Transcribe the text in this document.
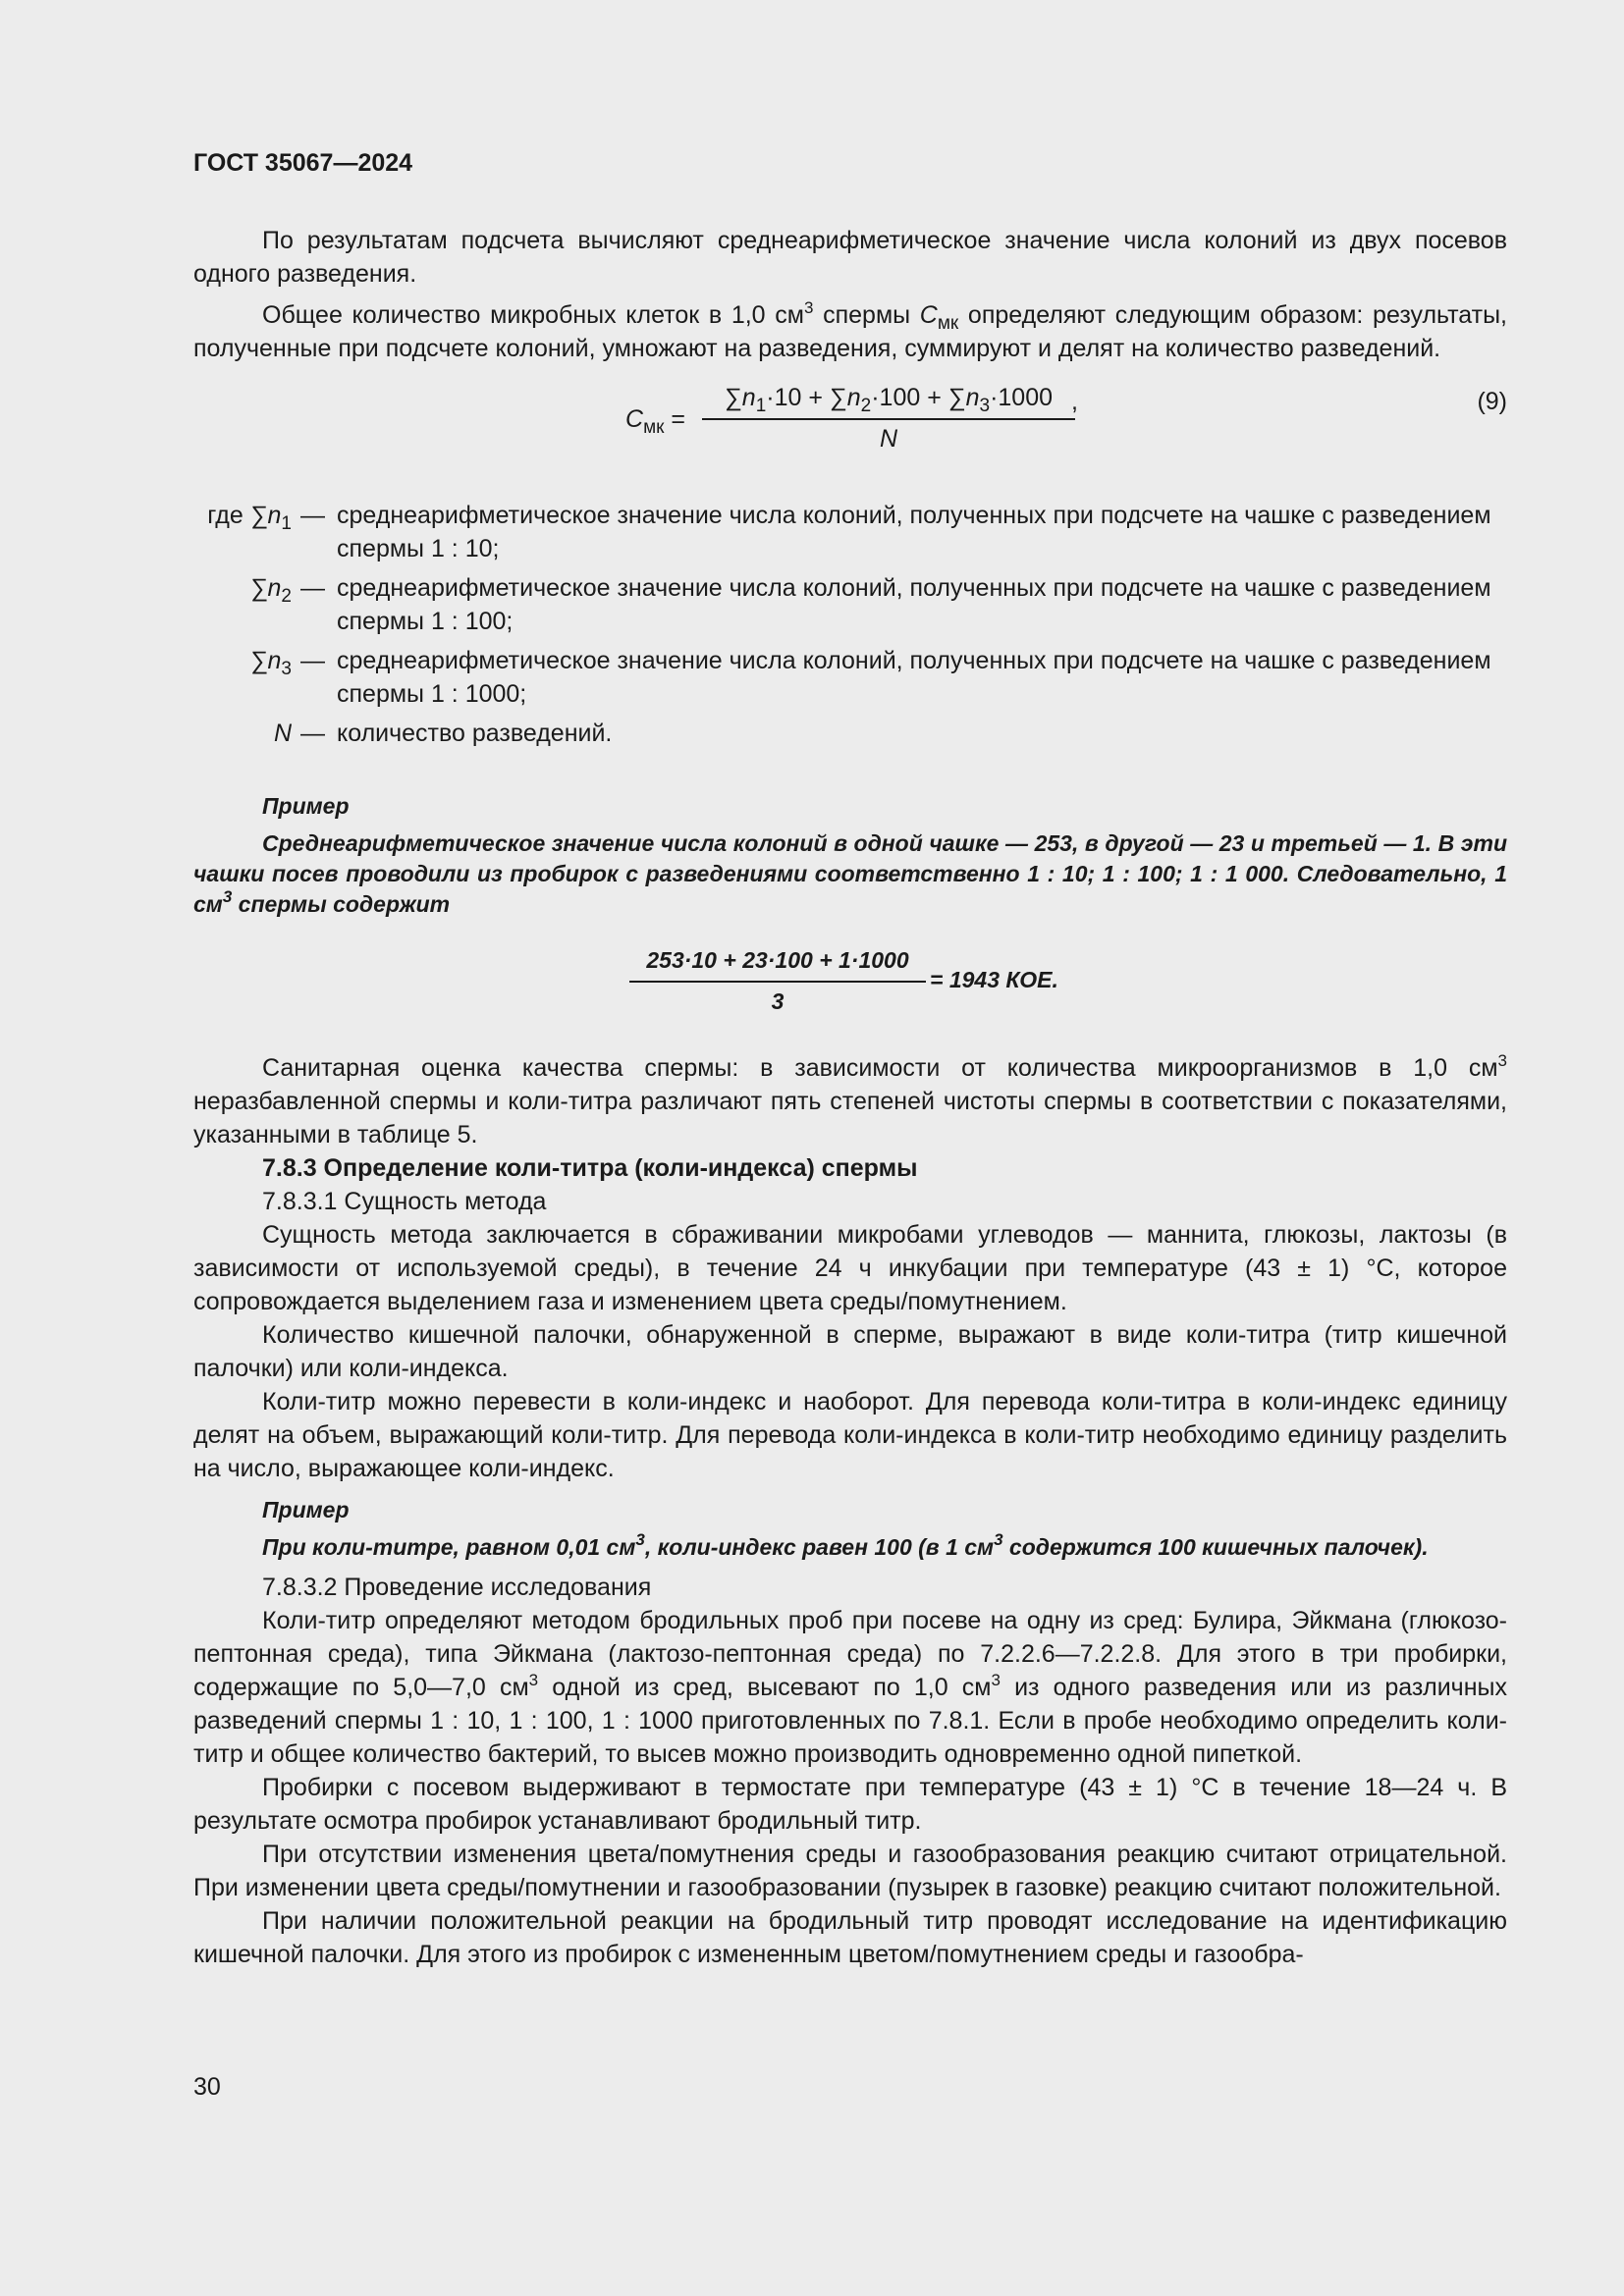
ГОСТ 35067—2024

По результатам подсчета вычисляют среднеарифметическое значение числа колоний из двух посевов одного разведения.

Общее количество микробных клеток в 1,0 $см^3$ спермы $C_{мк}$ определяют следующим образом: результаты, полученные при подсчете колоний, умножают на разведения, суммируют и делят на количество разведений.

$C_{мк} = \frac{\sum n_1\cdot 10 + \sum n_2\cdot 100 + \sum n_3\cdot 1000}{N}$
,	(9)
где $\sum n_1$ — среднеарифметическое значение числа колоний, полученных при подсчете на чашке с разведением спермы 1 : 10;
$\sum n_2$ — среднеарифметическое значение числа колоний, полученных при подсчете на чашке с разведением спермы 1 : 100;
$\sum n_3$ — среднеарифметическое значение числа колоний, полученных при подсчете на чашке с разведением спермы 1 : 1000;
N — количество разведений.
Пример

Среднеарифметическое значение числа колоний в одной чашке — 253, в другой — 23 и третьей — 1. В эти чашки посев проводили из пробирок с разведениями соответственно 1 : 10; 1 : 100; 1 : 1 000. Следовательно, 1 $см^3$ спермы содержит

$\frac{253\cdot 10 + 23\cdot 100 + 1\cdot 1000}{3} = 1943$ КОЕ.

Санитарная оценка качества спермы: в зависимости от количества микроорганизмов в 1,0 $см^3$ неразбавленной спермы и коли-титра различают пять степеней чистоты спермы в соответствии с показателями, указанными в таблице 5.

7.8.3 Определение коли-титра (коли-индекса) спермы

7.8.3.1 Сущность метода

Сущность метода заключается в сбраживании микробами углеводов — маннита, глюкозы, лактозы (в зависимости от используемой среды), в течение 24 ч инкубации при температуре (43 ± 1) °С, которое сопровождается выделением газа и изменением цвета среды/помутнением.

Количество кишечной палочки, обнаруженной в сперме, выражают в виде коли-титра (титр кишечной палочки) или коли-индекса.

Коли-титр можно перевести в коли-индекс и наоборот. Для перевода коли-титра в коли-индекс единицу делят на объем, выражающий коли-титр. Для перевода коли-индекса в коли-титр необходимо единицу разделить на число, выражающее коли-индекс.

Пример

При коли-титре, равном 0,01 $см^3$, коли-индекс равен 100 (в 1 $см^3$ содержится 100 кишечных палочек).

7.8.3.2 Проведение исследования

Коли-титр определяют методом бродильных проб при посеве на одну из сред: Булира, Эйкмана (глюкозо-пептонная среда), типа Эйкмана (лактозо-пептонная среда) по 7.2.2.6—7.2.2.8. Для этого в три пробирки, содержащие по 5,0—7,0 $см^3$ одной из сред, высевают по 1,0 $см^3$ из одного разведения или из различных разведений спермы 1 : 10, 1 : 100, 1 : 1000 приготовленных по 7.8.1. Если в пробе необходимо определить коли-титр и общее количество бактерий, то высев можно производить одновременно одной пипеткой.

Пробирки с посевом выдерживают в термостате при температуре (43 ± 1) °С в течение 18—24 ч. В результате осмотра пробирок устанавливают бродильный титр.

При отсутствии изменения цвета/помутнения среды и газообразования реакцию считают отрицательной. При изменении цвета среды/помутнении и газообразовании (пузырек в газовке) реакцию считают положительной.

При наличии положительной реакции на бродильный титр проводят исследование на идентификацию кишечной палочки. Для этого из пробирок с измененным цветом/помутнением среды и газообра-

30
